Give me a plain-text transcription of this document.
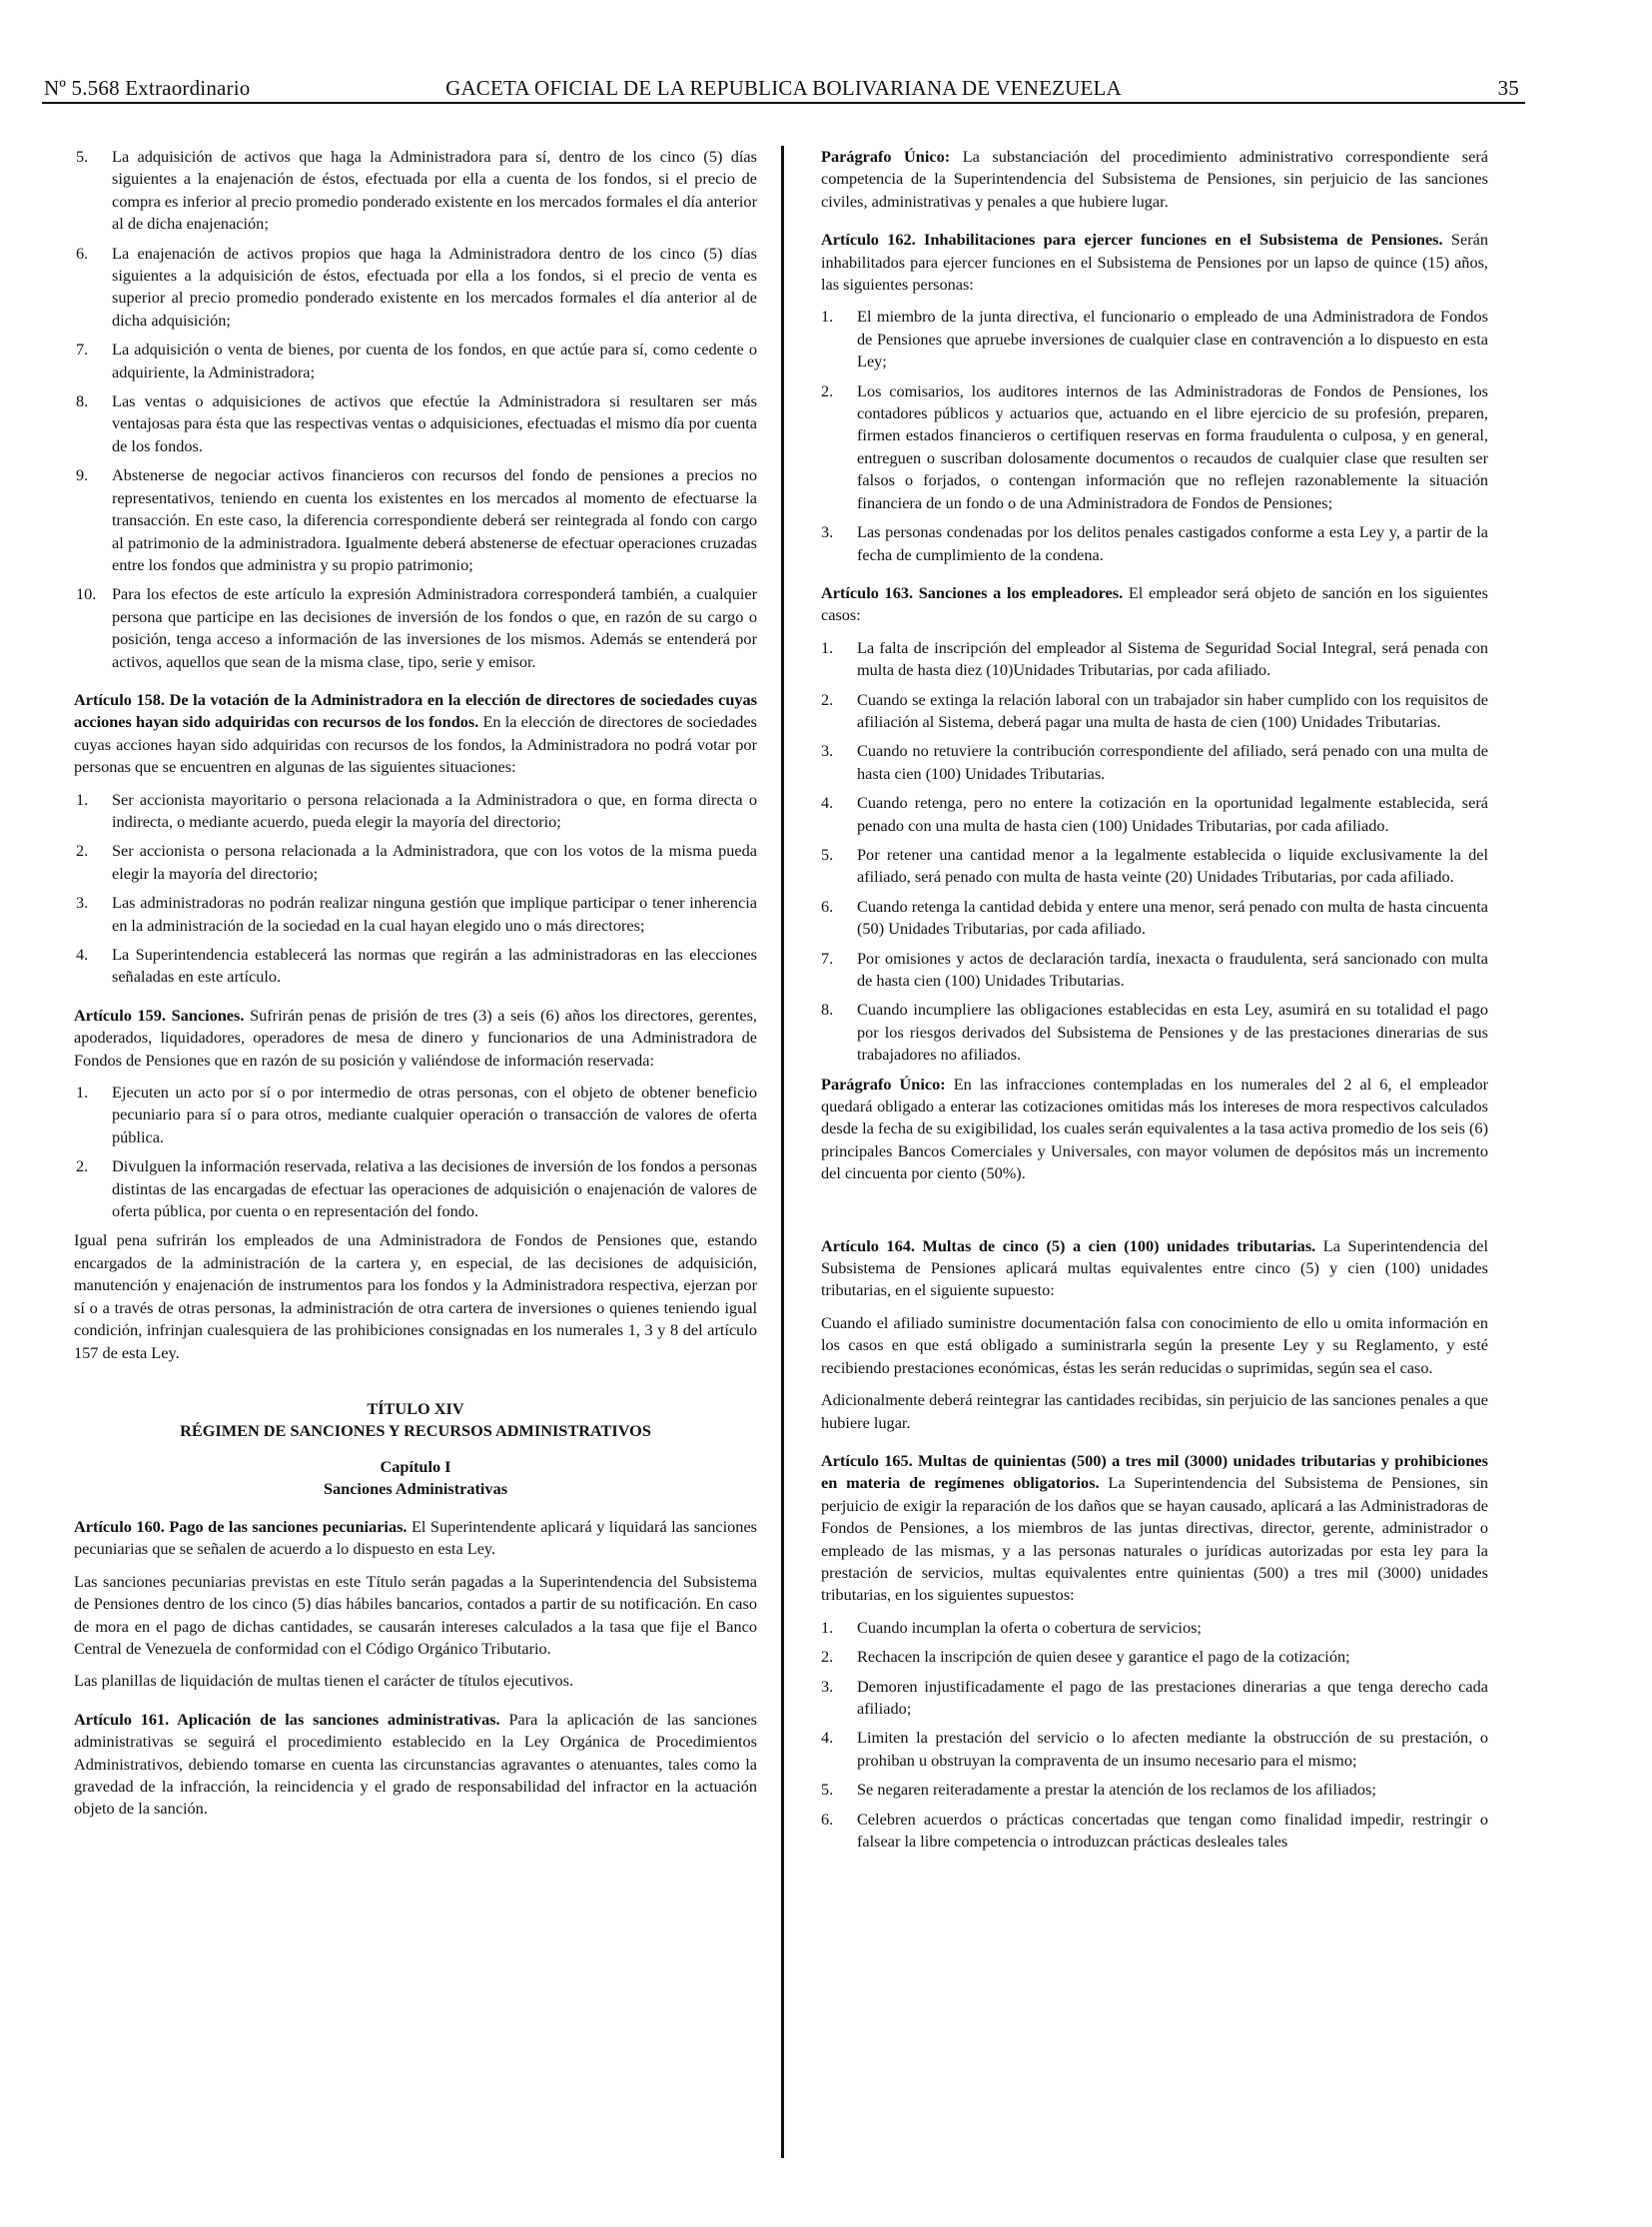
Nº 5.568 Extraordinario	GACETA OFICIAL DE LA REPUBLICA BOLIVARIANA DE VENEZUELA	35
5.	La adquisición de activos que haga la Administradora para sí, dentro de los cinco (5) días siguientes a la enajenación de éstos, efectuada por ella a cuenta de los fondos, si el precio de compra es inferior al precio promedio ponderado existente en los mercados formales el día anterior al de dicha enajenación;
6.	La enajenación de activos propios que haga la Administradora dentro de los cinco (5) días siguientes a la adquisición de éstos, efectuada por ella a los fondos, si el precio de venta es superior al precio promedio ponderado existente en los mercados formales el día anterior al de dicha adquisición;
7.	La adquisición o venta de bienes, por cuenta de los fondos, en que actúe para sí, como cedente o adquiriente, la Administradora;
8.	Las ventas o adquisiciones de activos que efectúe la Administradora si resultaren ser más ventajosas para ésta que las respectivas ventas o adquisiciones, efectuadas el mismo día por cuenta de los fondos.
9.	Abstenerse de negociar activos financieros con recursos del fondo de pensiones a precios no representativos, teniendo en cuenta los existentes en los mercados al momento de efectuarse la transacción. En este caso, la diferencia correspondiente deberá ser reintegrada al fondo con cargo al patrimonio de la administradora. Igualmente deberá abstenerse de efectuar operaciones cruzadas entre los fondos que administra y su propio patrimonio;
10. Para los efectos de este artículo la expresión Administradora corresponderá también, a cualquier persona que participe en las decisiones de inversión de los fondos o que, en razón de su cargo o posición, tenga acceso a información de las inversiones de los mismos. Además se entenderá por activos, aquellos que sean de la misma clase, tipo, serie y emisor.

Artículo 158. De la votación de la Administradora en la elección de directores de sociedades cuyas acciones hayan sido adquiridas con recursos de los fondos. En la elección de directores de sociedades cuyas acciones hayan sido adquiridas con recursos de los fondos, la Administradora no podrá votar por personas que se encuentren en algunas de las siguientes situaciones:

1.	Ser accionista mayoritario o persona relacionada a la Administradora o que, en forma directa o indirecta, o mediante acuerdo, pueda elegir la mayoría del directorio;
2.	Ser accionista o persona relacionada a la Administradora, que con los votos de la misma pueda elegir la mayoría del directorio;
3.	Las administradoras no podrán realizar ninguna gestión que implique participar o tener inherencia en la administración de la sociedad en la cual hayan elegido uno o más directores;
4.	La Superintendencia establecerá las normas que regirán a las administradoras en las elecciones señaladas en este artículo.

Artículo 159. Sanciones. Sufrirán penas de prisión de tres (3) a seis (6) años los directores, gerentes, apoderados, liquidadores, operadores de mesa de dinero y funcionarios de una Administradora de Fondos de Pensiones que en razón de su posición y valiéndose de información reservada:

1.	Ejecuten un acto por sí o por intermedio de otras personas, con el objeto de obtener beneficio pecuniario para sí o para otros, mediante cualquier operación o transacción de valores de oferta pública.
2.	Divulguen la información reservada, relativa a las decisiones de inversión de los fondos a personas distintas de las encargadas de efectuar las operaciones de adquisición o enajenación de valores de oferta pública, por cuenta o en representación del fondo.

Igual pena sufrirán los empleados de una Administradora de Fondos de Pensiones que, estando encargados de la administración de la cartera y, en especial, de las decisiones de adquisición, manutención y enajenación de instrumentos para los fondos y la Administradora respectiva, ejerzan por sí o a través de otras personas, la administración de otra cartera de inversiones o quienes teniendo igual condición, infrinjan cualesquiera de las prohibiciones consignadas en los numerales 1, 3 y 8 del artículo 157 de esta Ley.

TÍTULO XIV
RÉGIMEN DE SANCIONES Y RECURSOS ADMINISTRATIVOS
Capítulo I
Sanciones Administrativas

Artículo 160. Pago de las sanciones pecuniarias. El Superintendente aplicará y liquidará las sanciones pecuniarias que se señalen de acuerdo a lo dispuesto en esta Ley.

Las sanciones pecuniarias previstas en este Título serán pagadas a la Superintendencia del Subsistema de Pensiones dentro de los cinco (5) días hábiles bancarios, contados a partir de su notificación. En caso de mora en el pago de dichas cantidades, se causarán intereses calculados a la tasa que fije el Banco Central de Venezuela de conformidad con el Código Orgánico Tributario.

Las planillas de liquidación de multas tienen el carácter de títulos ejecutivos.

Artículo 161. Aplicación de las sanciones administrativas. Para la aplicación de las sanciones administrativas se seguirá el procedimiento establecido en la Ley Orgánica de Procedimientos Administrativos, debiendo tomarse en cuenta las circunstancias agravantes o atenuantes, tales como la gravedad de la infracción, la reincidencia y el grado de responsabilidad del infractor en la actuación objeto de la sanción.

Parágrafo Único: La substanciación del procedimiento administrativo correspondiente será competencia de la Superintendencia del Subsistema de Pensiones, sin perjuicio de las sanciones civiles, administrativas y penales a que hubiere lugar.

Artículo 162. Inhabilitaciones para ejercer funciones en el Subsistema de Pensiones. Serán inhabilitados para ejercer funciones en el Subsistema de Pensiones por un lapso de quince (15) años, las siguientes personas:

1.	El miembro de la junta directiva, el funcionario o empleado de una Administradora de Fondos de Pensiones que apruebe inversiones de cualquier clase en contravención a lo dispuesto en esta Ley;
2.	Los comisarios, los auditores internos de las Administradoras de Fondos de Pensiones, los contadores públicos y actuarios que, actuando en el libre ejercicio de su profesión, preparen, firmen estados financieros o certifiquen reservas en forma fraudulenta o culposa, y en general, entreguen o suscriban dolosamente documentos o recaudos de cualquier clase que resulten ser falsos o forjados, o contengan información que no reflejen razonablemente la situación financiera de un fondo o de una Administradora de Fondos de Pensiones;
3.	Las personas condenadas por los delitos penales castigados conforme a esta Ley y, a partir de la fecha de cumplimiento de la condena.

Artículo 163. Sanciones a los empleadores. El empleador será objeto de sanción en los siguientes casos:

1.	La falta de inscripción del empleador al Sistema de Seguridad Social Integral, será penada con multa de hasta diez (10)Unidades Tributarias, por cada afiliado.
2.	Cuando se extinga la relación laboral con un trabajador sin haber cumplido con los requisitos de afiliación al Sistema, deberá pagar una multa de hasta de cien (100) Unidades Tributarias.
3.	Cuando no retuviere la contribución correspondiente del afiliado, será penado con una multa de hasta cien (100) Unidades Tributarias.
4.	Cuando retenga, pero no entere la cotización en la oportunidad legalmente establecida, será penado con una multa de hasta cien (100) Unidades Tributarias, por cada afiliado.
5.	Por retener una cantidad menor a la legalmente establecida o liquide exclusivamente la del afiliado, será penado con multa de hasta veinte (20) Unidades Tributarias, por cada afiliado.
6.	Cuando retenga la cantidad debida y entere una menor, será penado con multa de hasta cincuenta (50) Unidades Tributarias, por cada afiliado.
7.	Por omisiones y actos de declaración tardía, inexacta o fraudulenta, será sancionado con multa de hasta cien (100) Unidades Tributarias.
8.	Cuando incumpliere las obligaciones establecidas en esta Ley, asumirá en su totalidad el pago por los riesgos derivados del Subsistema de Pensiones y de las prestaciones dinerarias de sus trabajadores no afiliados.

Parágrafo Único: En las infracciones contempladas en los numerales del 2 al 6, el empleador quedará obligado a enterar las cotizaciones omitidas más los intereses de mora respectivos calculados desde la fecha de su exigibilidad, los cuales serán equivalentes a la tasa activa promedio de los seis (6) principales Bancos Comerciales y Universales, con mayor volumen de depósitos más un incremento del cincuenta por ciento (50%).

Artículo 164. Multas de cinco (5) a cien (100) unidades tributarias. La Superintendencia del Subsistema de Pensiones aplicará multas equivalentes entre cinco (5) y cien (100) unidades tributarias, en el siguiente supuesto:

Cuando el afiliado suministre documentación falsa con conocimiento de ello u omita información en los casos en que está obligado a suministrarla según la presente Ley y su Reglamento, y esté recibiendo prestaciones económicas, éstas les serán reducidas o suprimidas, según sea el caso.

Adicionalmente deberá reintegrar las cantidades recibidas, sin perjuicio de las sanciones penales a que hubiere lugar.

Artículo 165. Multas de quinientas (500) a tres mil (3000) unidades tributarias y prohibiciones en materia de regímenes obligatorios. La Superintendencia del Subsistema de Pensiones, sin perjuicio de exigir la reparación de los daños que se hayan causado, aplicará a las Administradoras de Fondos de Pensiones, a los miembros de las juntas directivas, director, gerente, administrador o empleado de las mismas, y a las personas naturales o jurídicas autorizadas por esta ley para la prestación de servicios, multas equivalentes entre quinientas (500) a tres mil (3000) unidades tributarias, en los siguientes supuestos:

1.	Cuando incumplan la oferta o cobertura de servicios;
2.	Rechacen la inscripción de quien desee y garantice el pago de la cotización;
3.	Demoren injustificadamente el pago de las prestaciones dinerarias a que tenga derecho cada afiliado;
4.	Limiten la prestación del servicio o lo afecten mediante la obstrucción de su prestación, o prohiban u obstruyan la compraventa de un insumo necesario para el mismo;
5.	Se negaren reiteradamente a prestar la atención de los reclamos de los afiliados;
6.	Celebren acuerdos o prácticas concertadas que tengan como finalidad impedir, restringir o falsear la libre competencia o introduzcan prácticas desleales tales
